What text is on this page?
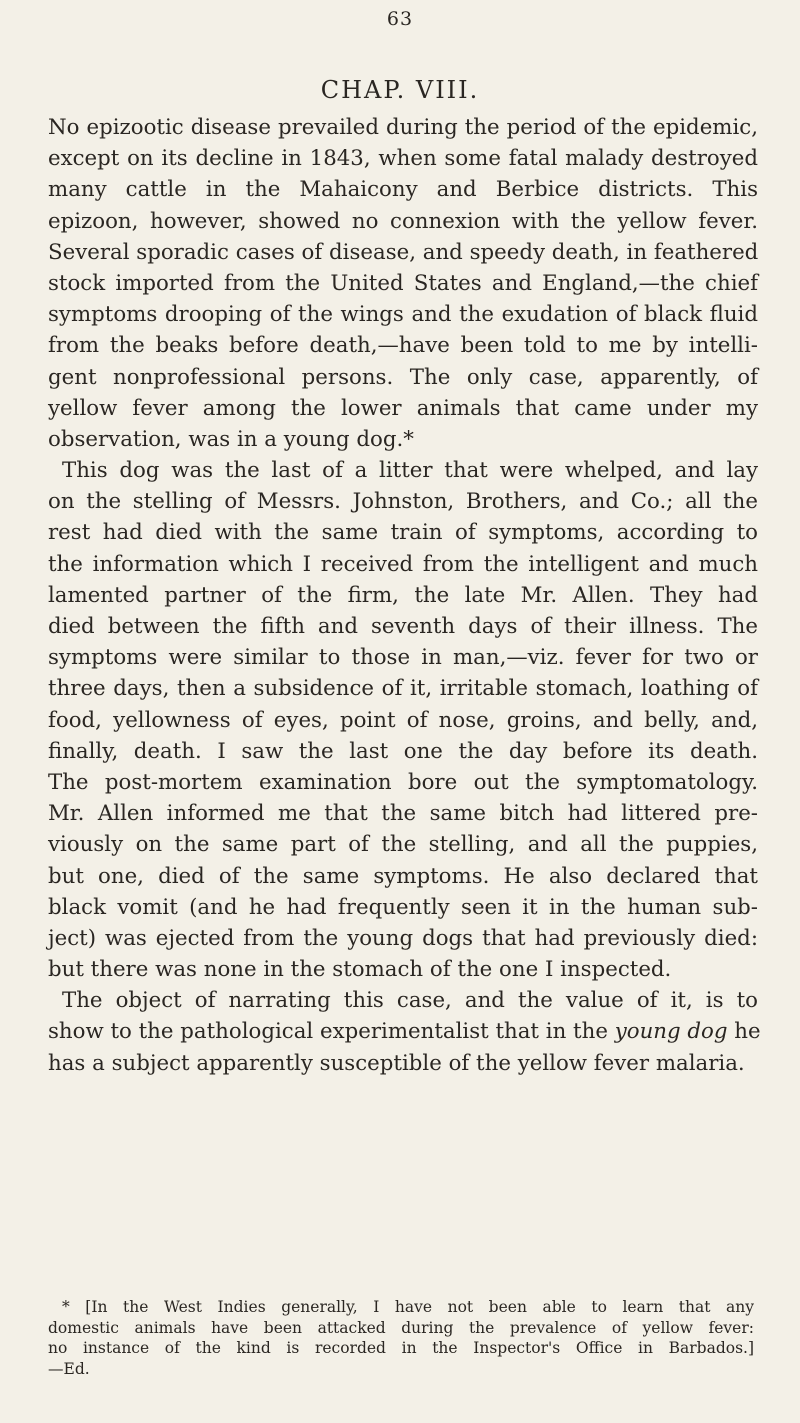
63
CHAP. VIII.
No epizootic disease prevailed during the period of the epidemic,
except on its decline in 1843, when some fatal malady destroyed
many cattle in the Mahaicony and Berbice districts. This
epizoon, however, showed no connexion with the yellow fever.
Several sporadic cases of disease, and speedy death, in feathered
stock imported from the United States and England,—the chief
symptoms drooping of the wings and the exudation of black fluid
from the beaks before death,—have been told to me by intelli-
gent nonprofessional persons. The only case, apparently, of
yellow fever among the lower animals that came under my
observation, was in a young dog.*
This dog was the last of a litter that were whelped, and lay
on the stelling of Messrs. Johnston, Brothers, and Co.; all the
rest had died with the same train of symptoms, according to
the information which I received from the intelligent and much
lamented partner of the firm, the late Mr. Allen. They had
died between the fifth and seventh days of their illness. The
symptoms were similar to those in man,—viz. fever for two or
three days, then a subsidence of it, irritable stomach, loathing of
food, yellowness of eyes, point of nose, groins, and belly, and,
finally, death. I saw the last one the day before its death.
The post-mortem examination bore out the symptomatology.
Mr. Allen informed me that the same bitch had littered pre-
viously on the same part of the stelling, and all the puppies,
but one, died of the same symptoms. He also declared that
black vomit (and he had frequently seen it in the human sub-
ject) was ejected from the young dogs that had previously died:
but there was none in the stomach of the one I inspected.
The object of narrating this case, and the value of it, is to
show to the pathological experimentalist that in the young dog he
has a subject apparently susceptible of the yellow fever malaria.
* [In the West Indies generally, I have not been able to learn that any
domestic animals have been attacked during the prevalence of yellow fever:
no instance of the kind is recorded in the Inspector's Office in Barbados.]
—Ed.
